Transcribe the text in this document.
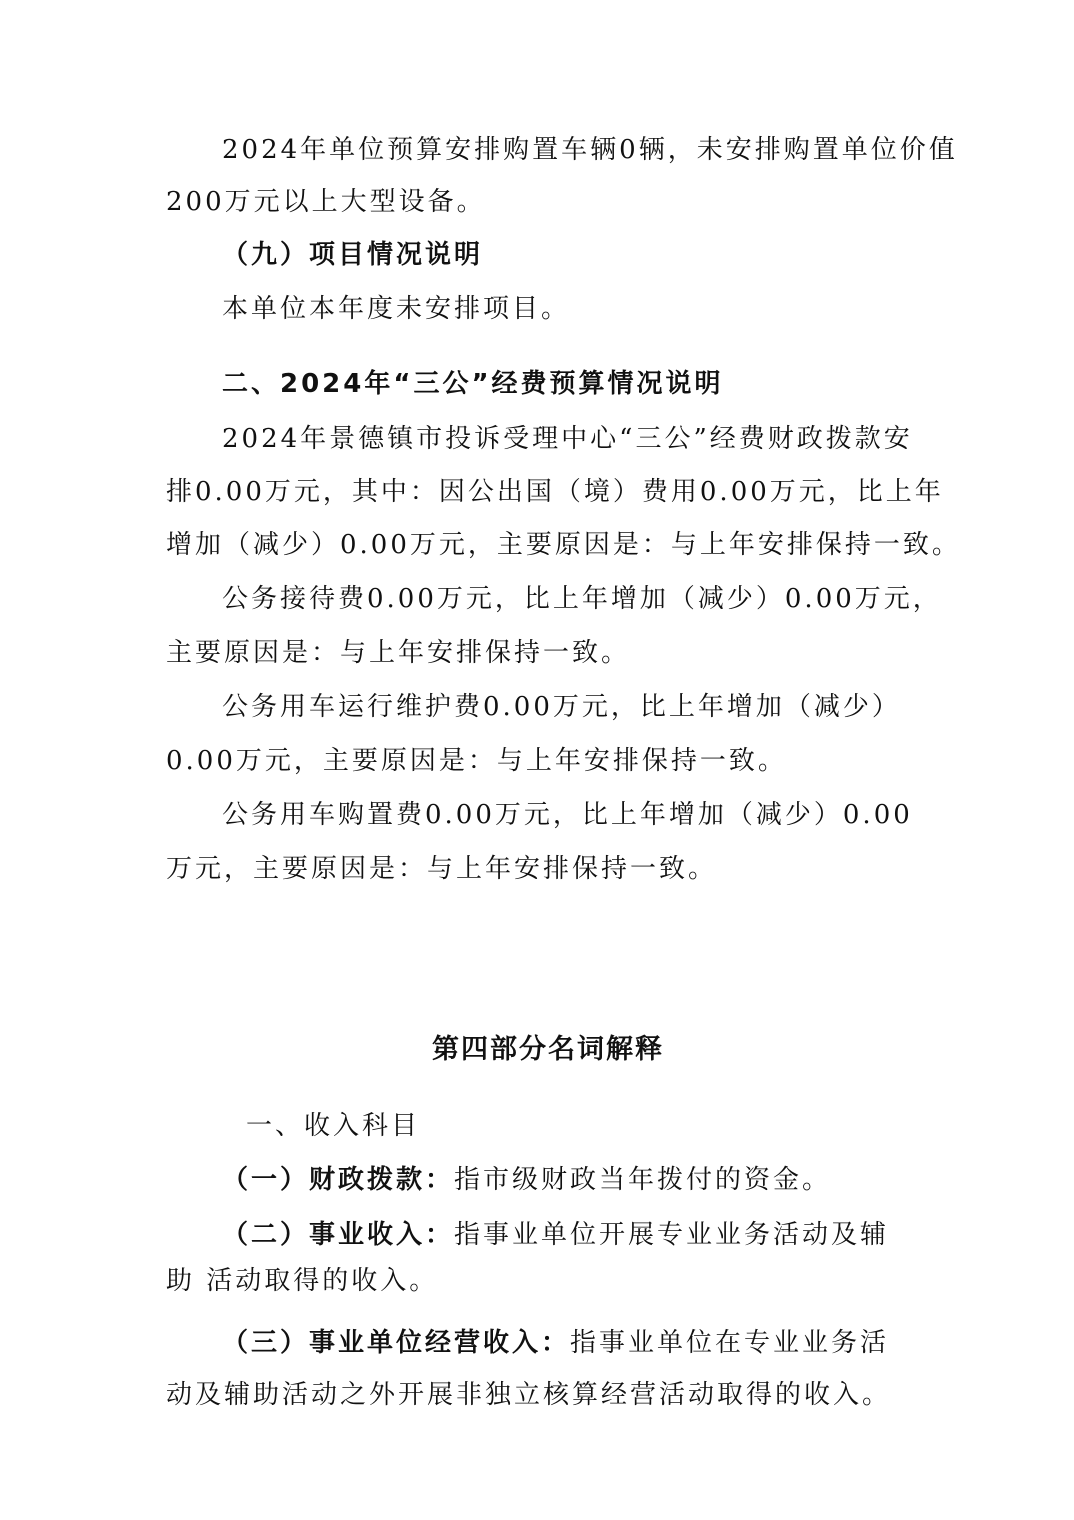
2024年单位预算安排购置车辆0辆，未安排购置单位价值
200万元以上大型设备。
（九）项目情况说明
本单位本年度未安排项目。
二、2024年“三公”经费预算情况说明
2024年景德镇市投诉受理中心“三公”经费财政拨款安
排0.00万元，其中：因公出国（境）费用0.00万元，比上年
增加（减少）0.00万元，主要原因是：与上年安排保持一致。
公务接待费0.00万元，比上年增加（减少）0.00万元，
主要原因是：与上年安排保持一致。
公务用车运行维护费0.00万元，比上年增加（减少）
0.00万元，主要原因是：与上年安排保持一致。
公务用车购置费0.00万元，比上年增加（减少）0.00
万元，主要原因是：与上年安排保持一致。
第四部分名词解释
一、收入科目
（一）财政拨款：指市级财政当年拨付的资金。
（二）事业收入：指事业单位开展专业业务活动及辅
助 活动取得的收入。
（三）事业单位经营收入：指事业单位在专业业务活
动及辅助活动之外开展非独立核算经营活动取得的收入。
